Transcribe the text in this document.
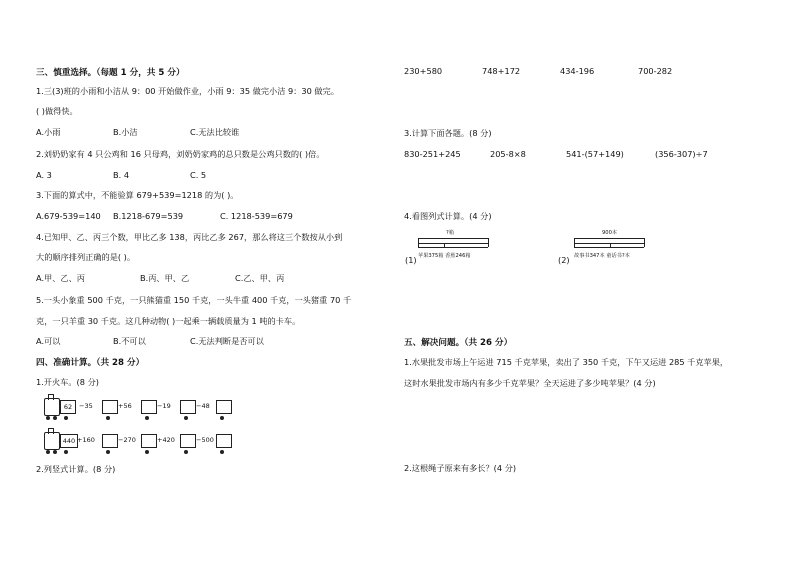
三、慎重选择。（每题 1 分，共 5 分）
1.三(3)班的小雨和小洁从 9：00 开始做作业，小雨 9：35 做完小洁 9：30 做完。
( )做得快。
A.小雨	B.小洁	C.无法比较谁
2.刘奶奶家有 4 只公鸡和 16 只母鸡，刘奶奶家鸡的总只数是公鸡只数的( )倍。
A. 3	B. 4	C. 5
3.下面的算式中，不能验算 679+539=1218 的为( )。
A.679-539=140 B.1218-679=539	C. 1218-539=679
4.已知甲、乙、丙三个数，甲比乙多 138，丙比乙多 267，那么将这三个数按从小到
大的顺序排列正确的是( )。
A.甲、乙、丙	B.丙、甲、乙	C.乙、甲、丙
5.一头小象重 500 千克，一只熊猫重 150 千克，一头牛重 400 千克，一头猪重 70 千
克，一只羊重 30 千克。这几种动物( )一起乘一辆载质量为 1 吨的卡车。
A.可以	B.不可以	C.无法判断是否可以
四、准确计算。（共 28 分）
1.开火车。(8 分)
62	−35	+56	−19	−48
440 +160	−270	+420	−500
2.列竖式计算。(8 分)
230+580	748+172	434-196	700-282
3.计算下面各题。(8 分)
830-251+245	205-8×8	541-(57+149)	(356-307)÷7
4.看图列式计算。(4 分)
(1)
?箱
苹果375箱 香蕉246箱	(2)
900本
故事书347本 童话书?本
五、解决问题。（共 26 分）
1.水果批发市场上午运进 715 千克苹果，卖出了 350 千克，下午又运进 285 千克苹果，
这时水果批发市场内有多少千克苹果？全天运进了多少吨苹果？(4 分)
2.这根绳子原来有多长？(4 分)
